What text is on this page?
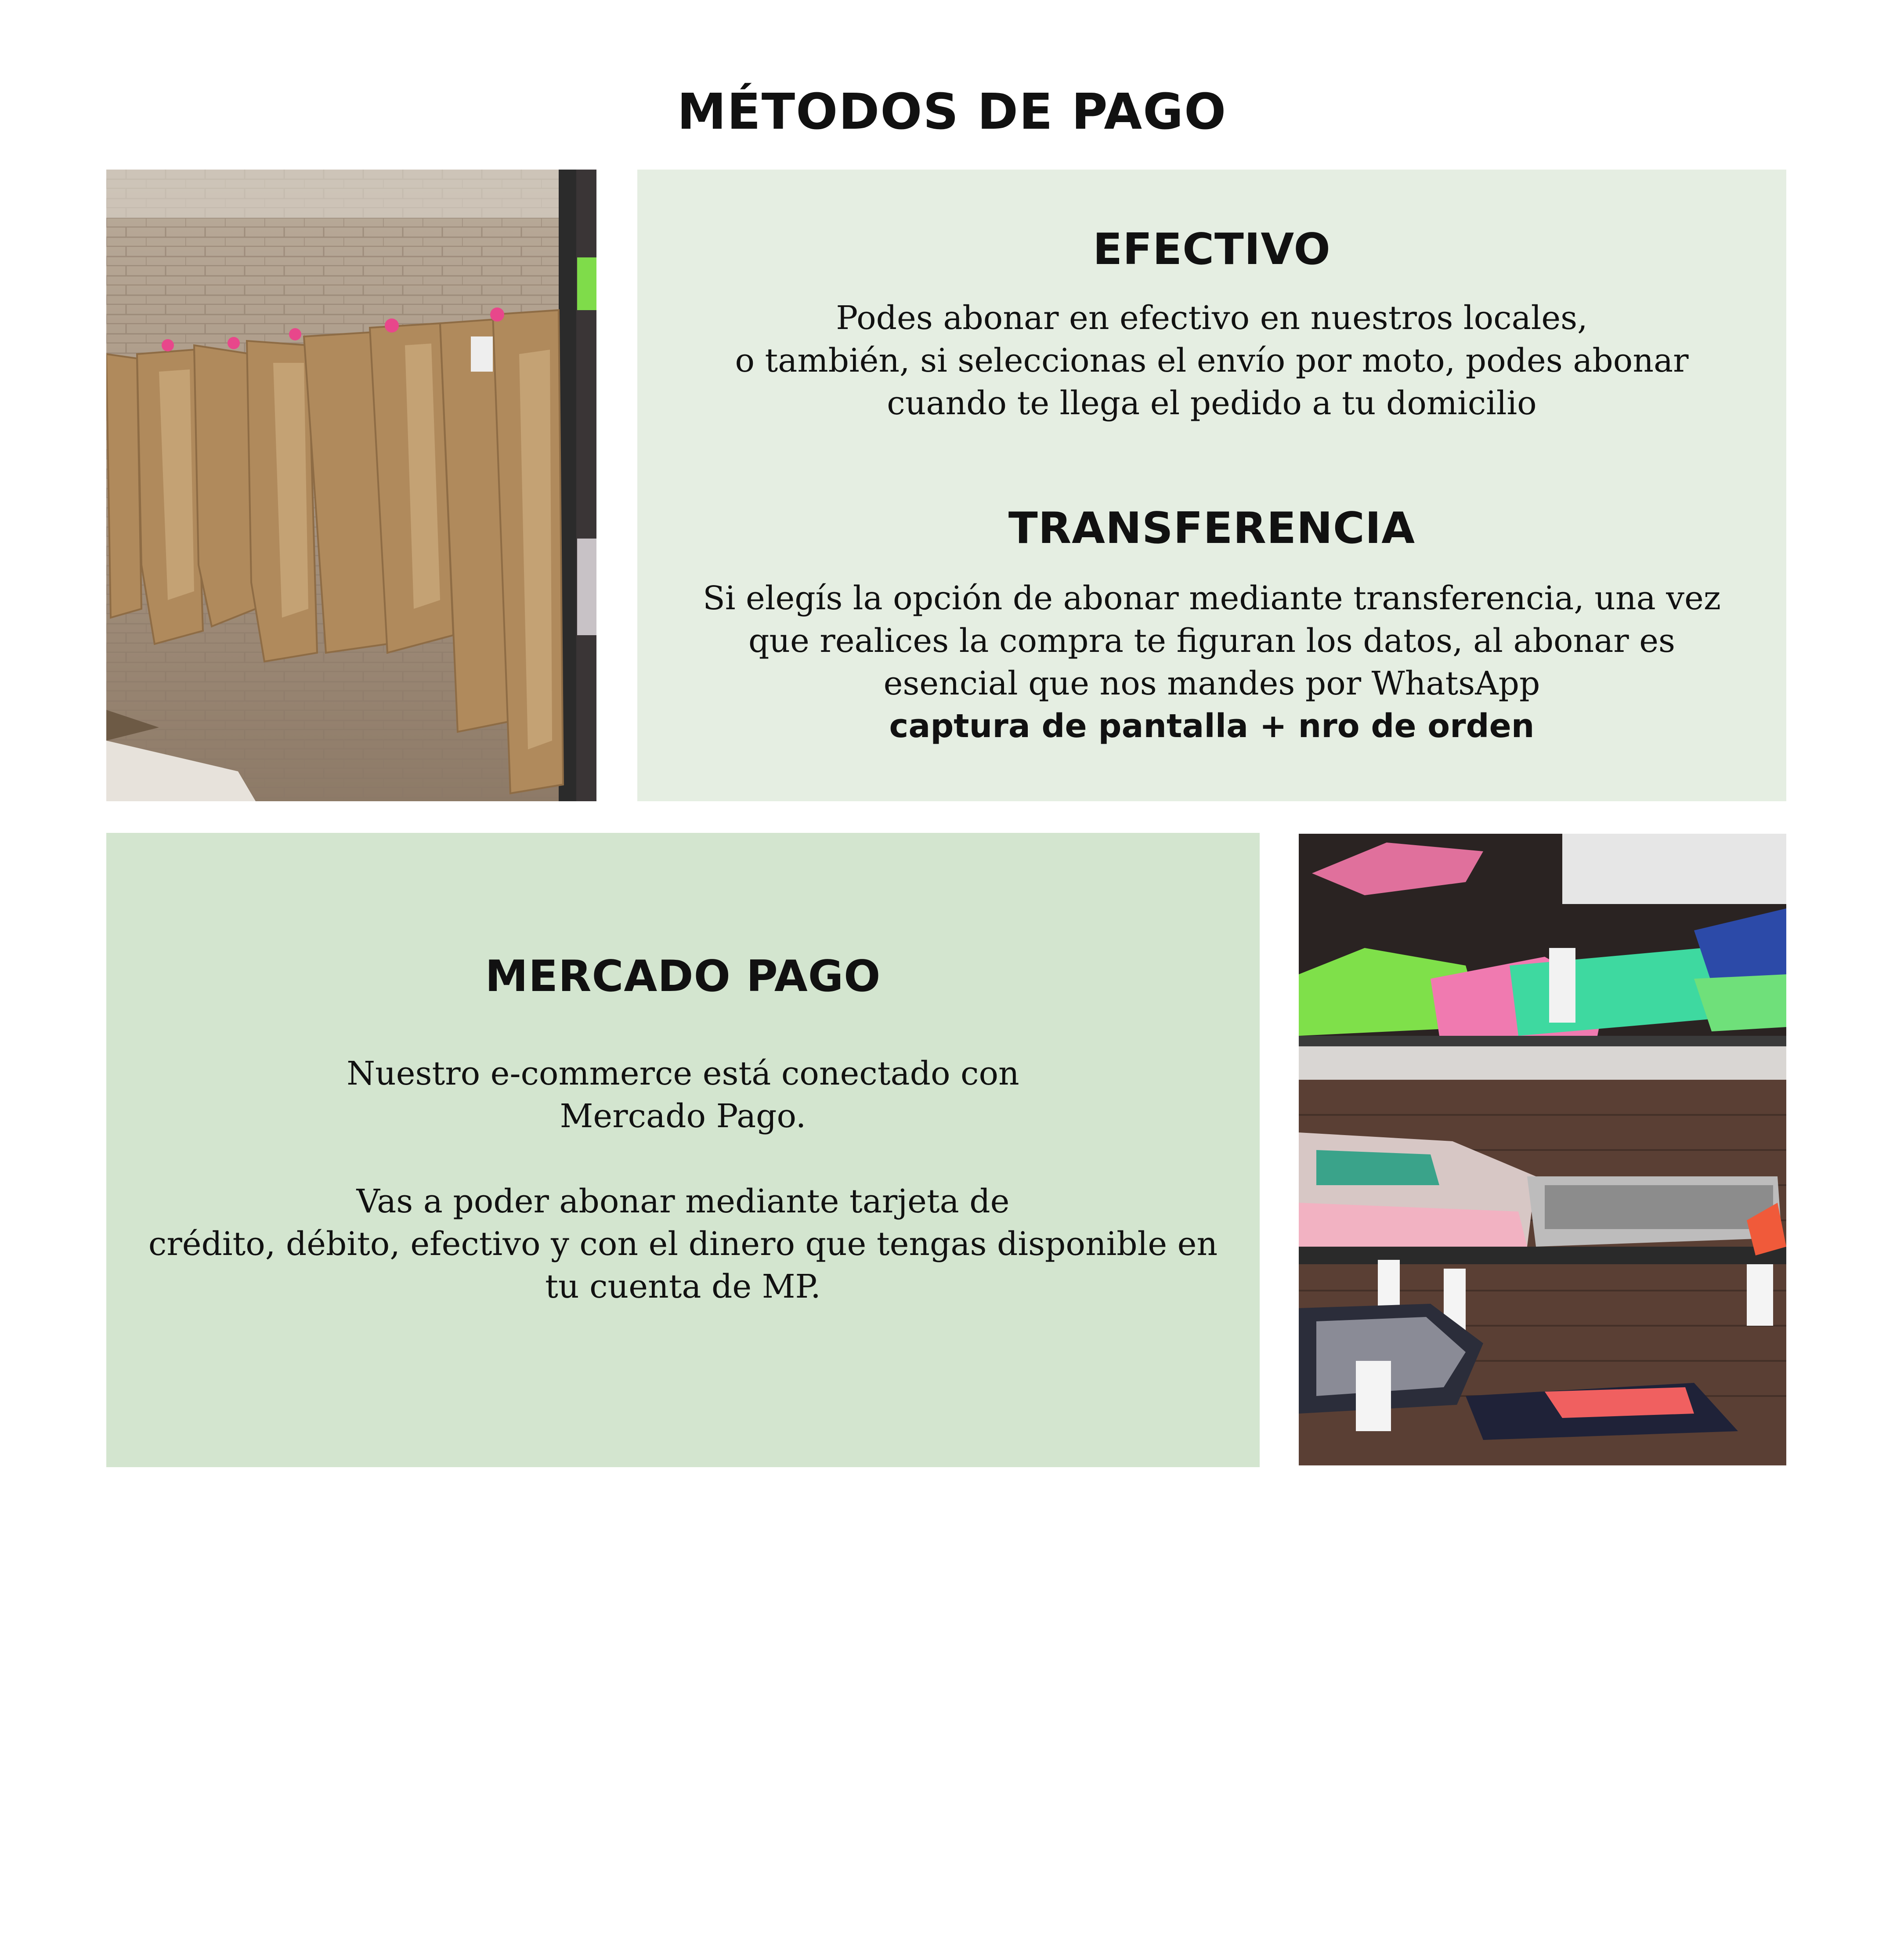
MÉTODOS DE PAGO
EFECTIVO

Podes abonar en efectivo en nuestros locales,
o también, si seleccionas el envío por moto, podes abonar
cuando te llega el pedido a tu domicilio

TRANSFERENCIA

Si elegís la opción de abonar mediante transferencia, una vez
que realices la compra te figuran los datos, al abonar es
esencial que nos mandes por WhatsApp
captura de pantalla + nro de orden

MERCADO PAGO

Nuestro e-commerce está conectado con
Mercado Pago.
Vas a poder abonar mediante tarjeta de
crédito, débito, efectivo y con el dinero que tengas disponible en
tu cuenta de MP.
